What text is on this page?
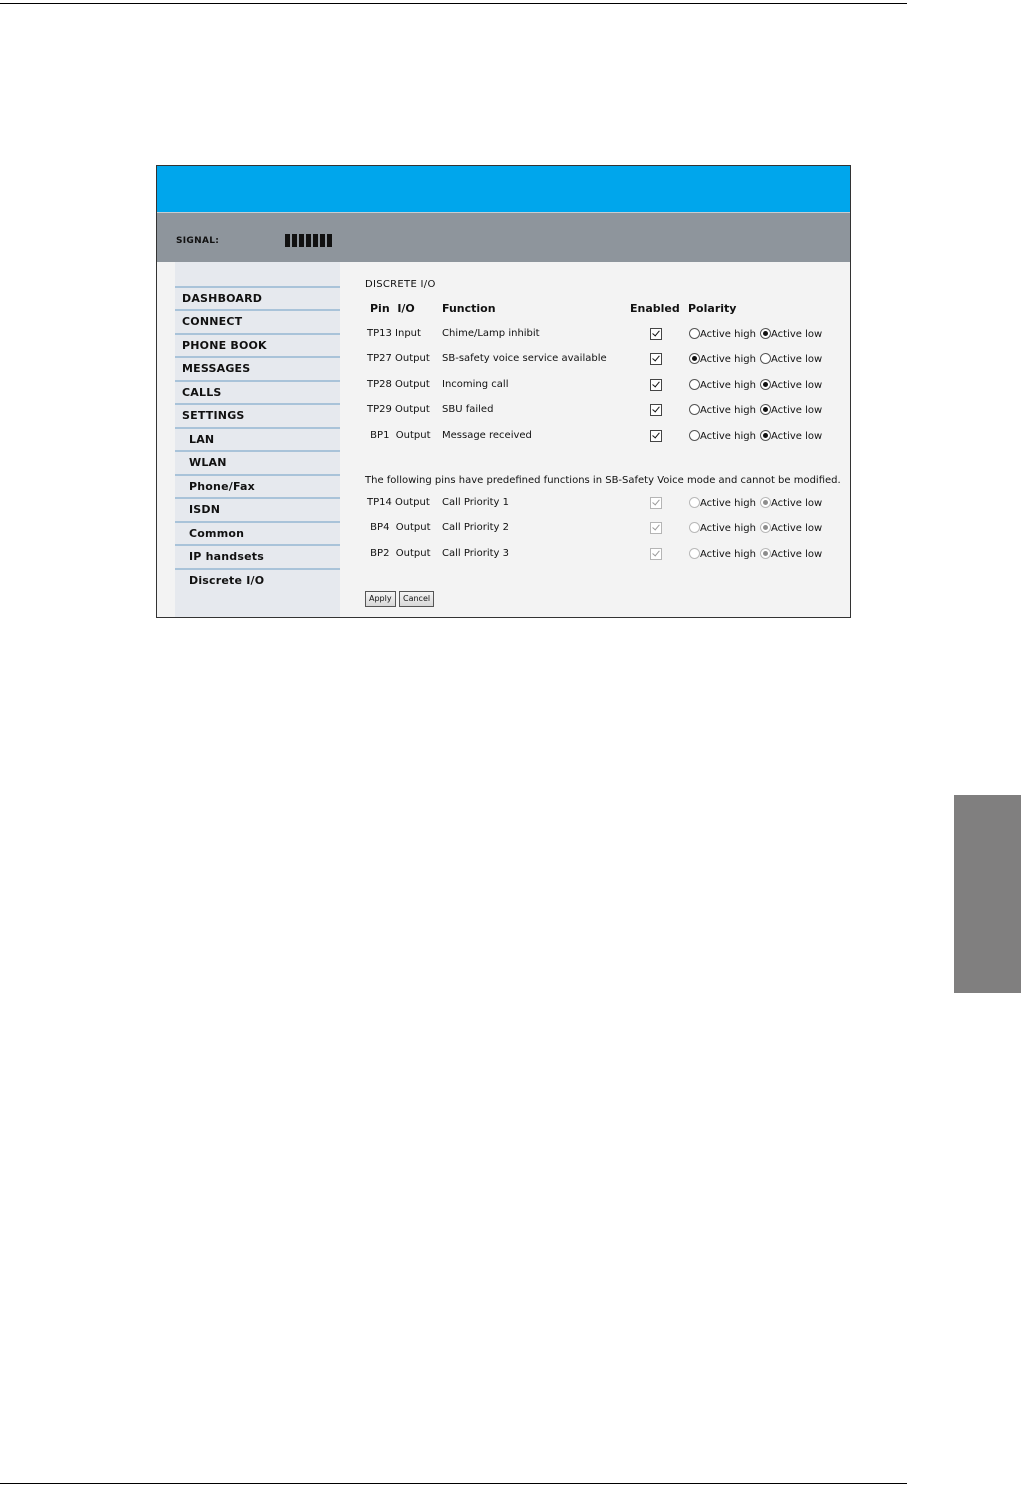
SIGNAL:
DASHBOARD
CONNECT
PHONE BOOK
MESSAGES
CALLS
SETTINGS
LAN
WLAN
Phone/Fax
ISDN
Common
IP handsets
Discrete I/O
DISCRETE I/O
Pin  I/O Function	Enabled Polarity
The following pins have predefined functions in SB-Safety Voice mode and cannot be modified.
Apply	Cancel
TP13 Input Chime/Lamp inhibit	Active high Active low
TP27 Output SB-safety voice service available	Active high Active low
TP28 Output Incoming call	Active high Active low
TP29 Output SBU failed	Active high Active low
BP1  Output Message received	Active high Active low
TP14 Output Call Priority 1	Active high Active low
BP4  Output Call Priority 2	Active high Active low
BP2  Output Call Priority 3	Active high Active low
